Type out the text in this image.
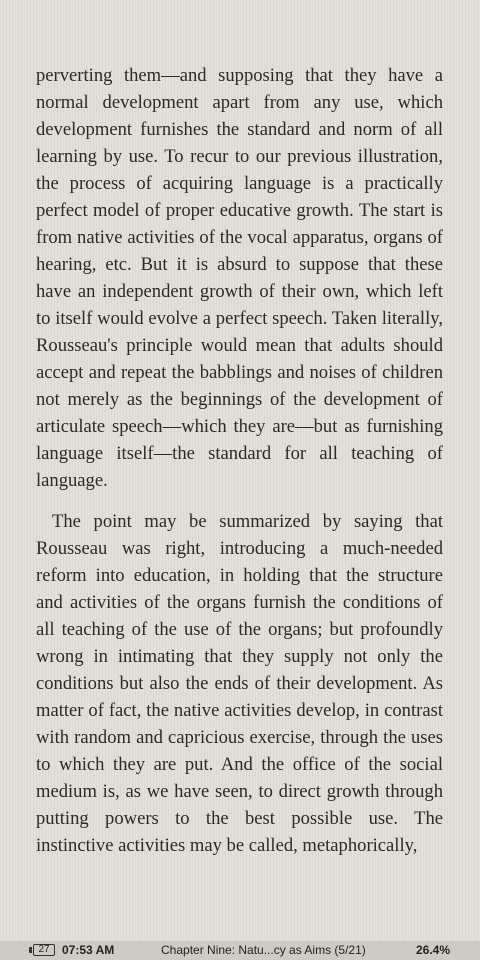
perverting them—and supposing that they have a normal development apart from any use, which development furnishes the standard and norm of all learning by use. To recur to our previous illustration, the process of acquiring language is a practically perfect model of proper educative growth. The start is from native activities of the vocal apparatus, organs of hearing, etc. But it is absurd to suppose that these have an independent growth of their own, which left to itself would evolve a perfect speech. Taken literally, Rousseau's principle would mean that adults should accept and repeat the babblings and noises of children not merely as the beginnings of the development of articulate speech—which they are—but as furnishing language itself—the standard for all teaching of language.

The point may be summarized by saying that Rousseau was right, introducing a much-needed reform into education, in holding that the structure and activities of the organs furnish the conditions of all teaching of the use of the organs; but profoundly wrong in intimating that they supply not only the conditions but also the ends of their development. As matter of fact, the native activities develop, in contrast with random and capricious exercise, through the uses to which they are put. And the office of the social medium is, as we have seen, to direct growth through putting powers to the best possible use. The instinctive activities may be called, metaphorically,

27	07:53 AM	Chapter Nine: Natu...cy as Aims (5/21)	26.4%
